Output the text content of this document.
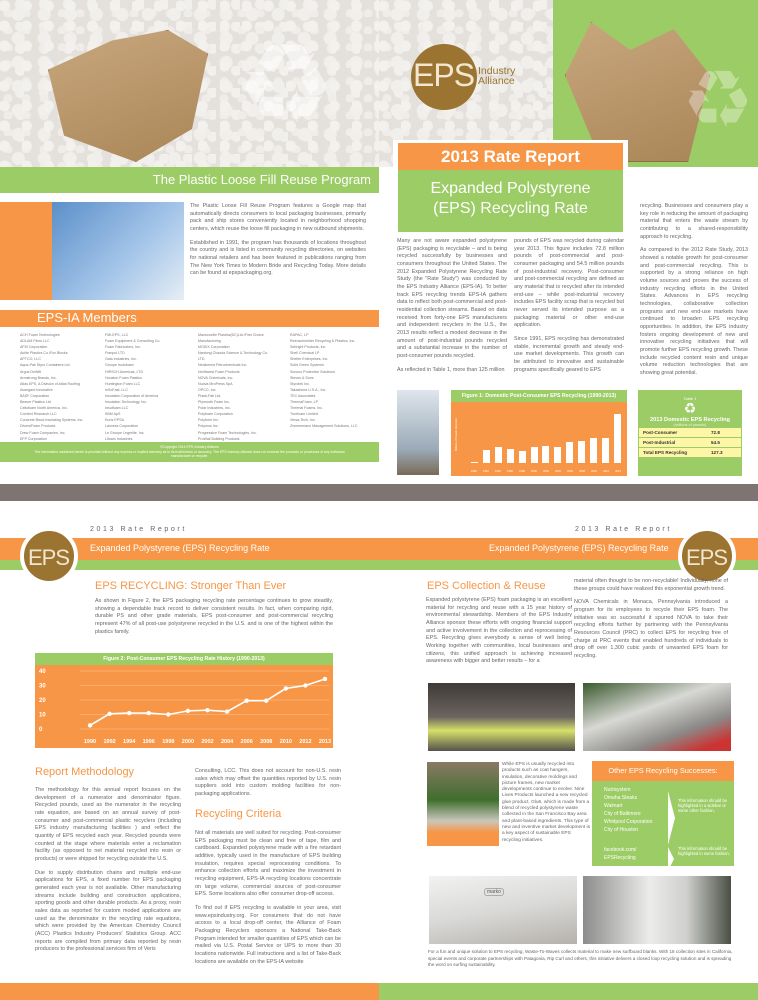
♻
The Plastic Loose Fill Reuse Program

The Plastic Loose Fill Reuse Program features a Google map that automatically directs consumers to local packaging businesses, primarily pack and ship stores conveniently located in neighborhood shopping centers, which reuse the loose fill packaging in new outbound shipments.

Established in 1991, the program has thousands of locations throughout the country and is listed in community recycling directories, on websites for national retailers and has been featured in publications ranging from The New York Times to Modern Bride and Recycling Today. More details can be found at epspackaging.org.

EPS-IA Members
ACH Foam Technologies
ADLAM Films LLC
AFM Corporation
Airlite Plastics Co./Fox Blocks
APTCO, LLC
Aqua-Pak Styro Containers Ltd.
Argus DeWitt
Armstrong Brands, Inc.
Atlas EPS, A Division of Atlas Roofing
Avangard Innovative
BASF Corporation
Beaver Plastics Ltd
Cellofoam North America, Inc.
Comfort Research LLC
Concrete Block Insulating Systems, Inc.
DiversiFoam Products
Drew Foam Companies, Inc.
EFP Corporation
FMI-EPS, LLC
Foam Equipment & Consulting Co.
Foam Fabricators, Inc.
Franpul LTD
Gala Industries, Inc.
Groupe Isolofoam
HIRSCH Americas, LTD
Houston Foam Plastics
Huntington Foam LLC
InSoFast, LLC
Insulation Corporation of America
Insulation Technology, Inc.
Insulfoam LLC
KBM ApS
Kurtz EPSA
Lanxess Corporation
Le Groupe Legerlite, Inc.
Lifoam Industries
Mansonville Plastics(BC)Ltd./First Choice
Manufacturing
MODIX Corporation
Nantong Chaoda Science & Technology Co.
LTD
Neoikemia Petrochemicals Inc.
Northwest Foam Products
NOVA Chemicals, Inc.
Nuova MroPress SpA
OPCO, Inc.
Plasti-Fab Ltd.
Plymouth Foam Inc.
Polar Industries, Inc.
Polyfoam Corporation
Polyform Inc.
Polymos Inc.
Progressive Foam Technologies, Inc.
ProWall Building Products
RAPAC, LP
Reenschneider Recycling & Plastics, Inc.
Sebright Products, Inc.
Shell Chemical LP
Shelter Enterprises, Inc.
Solid Green Systems
Sonoco Protective Solutions
Steves & Sons
Styrotek Inc.
Takashima U.S.A., Inc.
TEC Associates
ThermaFoam, LP
Thermal Foams, Inc.
Truefoam Limited
Versa-Tech, Inc.
Zimmermann Management Solutions, LLC
©Copyright 2014 EPS Industry Alliance
The information contained herein is provided without any express or implied warranty as to its truthfulness or accuracy. The EPS Industry Alliance does not endorse the products or processes of any individual manufacturer or recycler.
♻
EPS Industry
Alliance
2013 Rate Report
Expanded Polystyrene
(EPS) Recycling Rate

Many are not aware expanded polystyrene (EPS) packaging is recyclable – and is being recycled successfully by businesses and consumers throughout the United States. The 2012 Expanded Polystyrene Recycling Rate Study (the "Rate Study") was conducted by the EPS Industry Alliance (EPS-IA). To better track EPS recycling trends EPS-IA gathers data to reflect both post-commercial and post-residential collection streams. Based on data received from forty-one EPS manufacturers and independent recyclers in the U.S., the 2013 results reflect a modest decrease in the amount of post-industrial pounds recycled and a substantial increase in the number of post-consumer pounds recycled.

As reflected in Table 1, more than 125 million

pounds of EPS was recycled during calendar year 2013. This figure includes 72.8 million pounds of post-commercial and post-consumer packaging and 54.5 million pounds of post-industrial recovery. Post-consumer and post-commercial recycling are defined as any material that is recycled after its intended end-use – while post-industrial recovery includes EPS facility scrap that is recycled but never served its intended purpose as a packaging material or other end-use application.

Since 1991, EPS recycling has demonstrated stable, incremental growth and steady end-use market developments. This growth can be attributed to innovative and sustainable programs specifically geared to EPS

recycling. Businesses and consumers play a key role in reducing the amount of packaging material that enters the waste stream by contributing to a shared-responsibility approach to recycling.

As compared to the 2012 Rate Study, 2013 showed a notable growth for post-consumer and post-commercial recycling. This is supported by a strong reliance on high volume sources and proves the success of industry recycling efforts in the United States. Advances in EPS recycling technologies, collaborative collection programs and new end-use markets have continued to broaden EPS recycling opportunities. In addition, the EPS industry fosters ongoing development of new and innovative recycling initiatives that will promote further EPS recycling growth. These include recycled content resin and unique volume reduction technologies that are showing great potential.

Figure 1: Domestic Post-Consumer EPS Recycling (1990-2013)
Millions of Pounds Recycled
1990 1992 1994 1996 1998 2000 2002 2004 2006 2008 2010 2012 2013
Table 1
♻
2013 Domestic EPS Recycling
(millions of pounds)
Post-Consumer	72.8
Post-Industrial	54.5
Total EPS Recycling	127.3
2013 Rate Report
Expanded Polystyrene (EPS) Recycling Rate
EPS
EPS RECYCLING: Stronger Than Ever

As shown in Figure 2, the EPS packaging recycling rate percentage continues to grow steadily, showing a dependable track record to deliver consistent results. In fact, when comparing rigid, durable PS and other grade materials, EPS post-consumer and post-commercial recycling represent 47% of all post-use polystyrene recycled in the U.S. and is one of the highest within the plastics family.

Figure 2: Post-Consumer EPS Recycling Rate History (1990-2013)
0
10
20
30
40
1990 1992 1994 1996 1998 2000 2002 2004 2006 2008 2010 2012 2013
Report Methodology

The methodology for this annual report focuses on the development of a numerator and denominator figure. Recycled pounds, used as the numerator in the recycling rate equation, are based on an annual survey of post-consumer and post-commercial plastic recyclers (including EPS industry manufacturing facilities ) and reflect the quantity of EPS recycled each year. Recycled pounds were counted at the stage where materials enter a reclamation facility (as opposed to net material recycled into resin or products) or were shipped for recycling outside the U.S.

Due to supply distribution chains and multiple end-use applications for EPS, a fixed number for EPS packaging generated each year is not available. Other manufacturing streams include building and construction applications, sporting goods and other durable products. As a proxy, resin sales data as reported for custom moded applications are used as the denominator in the recycling rate equations, which were provided by the American Chemistry Council (ACC) Plastics Industry Producers' Statistics Group. ACC reports are compiled from primary data reported by resin producers to the professional services firm of Veris

Consulting, LCC. This does not account for non-U.S. resin sales which may offset the quantities reported by U.S. resin suppliers sold into custom molding facilities for non-packaging applications.

Recycling Criteria

Not all materials are well suited for recycling. Post-consumer EPS packaging must be clean and free of tape, film and cardboard. Expanded polystyrene made with a fire retardant additive, typically used in the manufacture of EPS building insulation, requires special reprocessing conditions. To enhance collection efforts and maximize the investment in recycling equipment, EPS-IA recycling locations concentrate on large volume, commercial sources of post-consumer EPS. Some locations also offer consumer drop-off access.

To find out if EPS recycling is available in your area, visit www.epsindustry.org. For consumers that do not have access to a local drop-off center, the Alliance of Foam Packaging Recyclers sponsors a National Take-Back Program intended for smaller quantities of EPS which can be mailed via U.S. Postal Service or UPS to more than 30 locations nationwide. Full instructions and a list of Take-Back locations are available on the EPS-IA website

2013 Rate Report
Expanded Polystyrene (EPS) Recycling Rate EPS
EPS Collection & Reuse

Expanded polystyrene (EPS) foam packaging is an excellent material for recycling and reuse with a 15 year history of environmental stewardship. Members of the EPS Industry Alliance sponsor these efforts with ongoing financial support and active involvement in the collection and reprocessing of EPS. Recycling gives everybody a sense of well being. Working together with communities, local businesses and citizens, this unified approach is achieving increased awareness with bigger and better results – for a

material often thought to be non-recyclable! Individually, none of these groups could have realized this exponential growth trend.

NOVA Chemicals in Monaca, Pennsylvania introduced a program for its employees to recycle their EPS foam. The initiative was so successful it spurred NOVA to take their recycling efforts further by partnering with the Pennsylvania Resources Council (PRC) to collect EPS for recycling free of charge at PRC events that enabled hundreds of individuals to drop off over 1,300 cubic yards of unwanted EPS foam for recycling.

While EPS is usually recycled into products such as coat hangers, insulation, decorative moldings and picture frames, new market developments continue to evolve. Nine Lives Products launched a new recycled glue product, Glu6, which is made from a blend of recycled polystyrene waste collected in the San Francisco Bay area and plant-based ingredients. This type of new and inventive market development is a key aspect of sustainable EPS recycling initiatives.

Other EPS Recycling Successes:
Nutrisystem
Omaha Steaks
Walmart
City of Baltimore
Whirlpool Corporation
City of Houston
facebook.com/
EPSRecycling
This information should be highlighted in a sidebar or some other fashion,
This information should be highlighted in some fashion,
marko

For a fun and unique solution to EPS recycling, Waste-To-Waves collects material to make new surfboard blanks. With 18 collection sites in California, special events and corporate partnerships with Patagonia, Rip Curl and others, this initiative delivers a closed loop recycling solution and is spreading the word on surfing sustainability.
